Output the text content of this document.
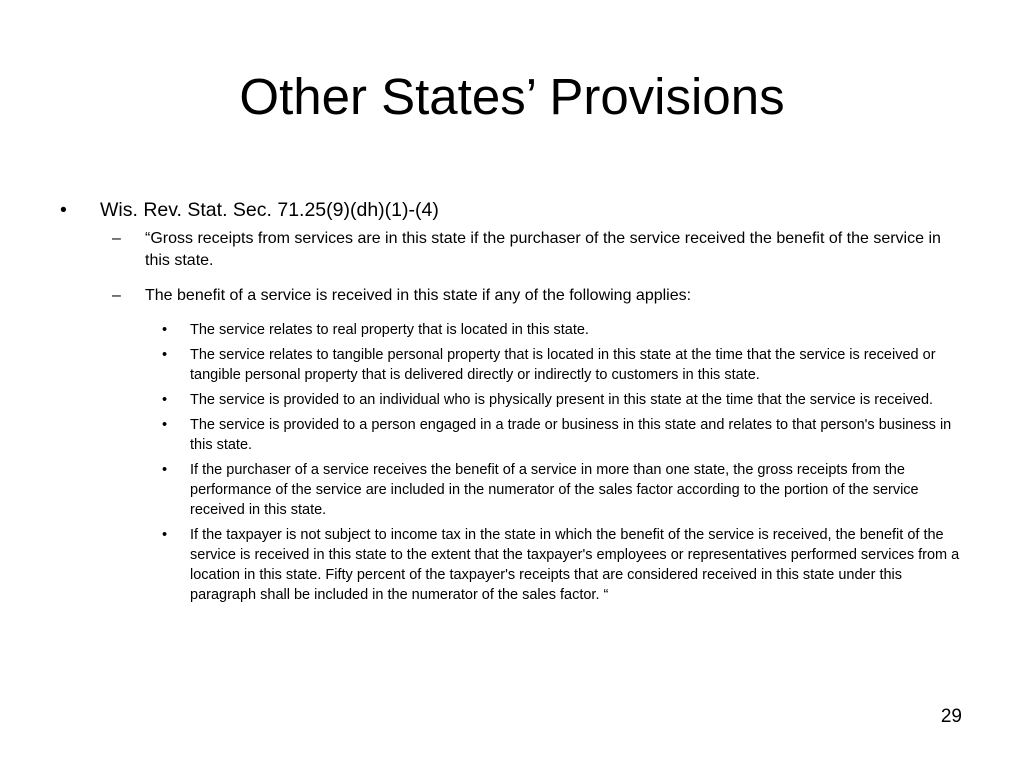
Other States’ Provisions
• Wis. Rev. Stat. Sec. 71.25(9)(dh)(1)-(4)
– “Gross receipts from services are in this state if the purchaser of the service received the benefit of the service in this state.
– The benefit of a service is received in this state if any of the following applies:
• The service relates to real property that is located in this state.
• The service relates to tangible personal property that is located in this state at the time that the service is received or tangible personal property that is delivered directly or indirectly to customers in this state.
• The service is provided to an individual who is physically present in this state at the time that the service is received.
• The service is provided to a person engaged in a trade or business in this state and relates to that person's business in this state.
• If the purchaser of a service receives the benefit of a service in more than one state, the gross receipts from the performance of the service are included in the numerator of the sales factor according to the portion of the service received in this state.
• If the taxpayer is not subject to income tax in the state in which the benefit of the service is received, the benefit of the service is received in this state to the extent that the taxpayer's employees or representatives performed services from a location in this state. Fifty percent of the taxpayer's receipts that are considered received in this state under this paragraph shall be included in the numerator of the sales factor. “
29
